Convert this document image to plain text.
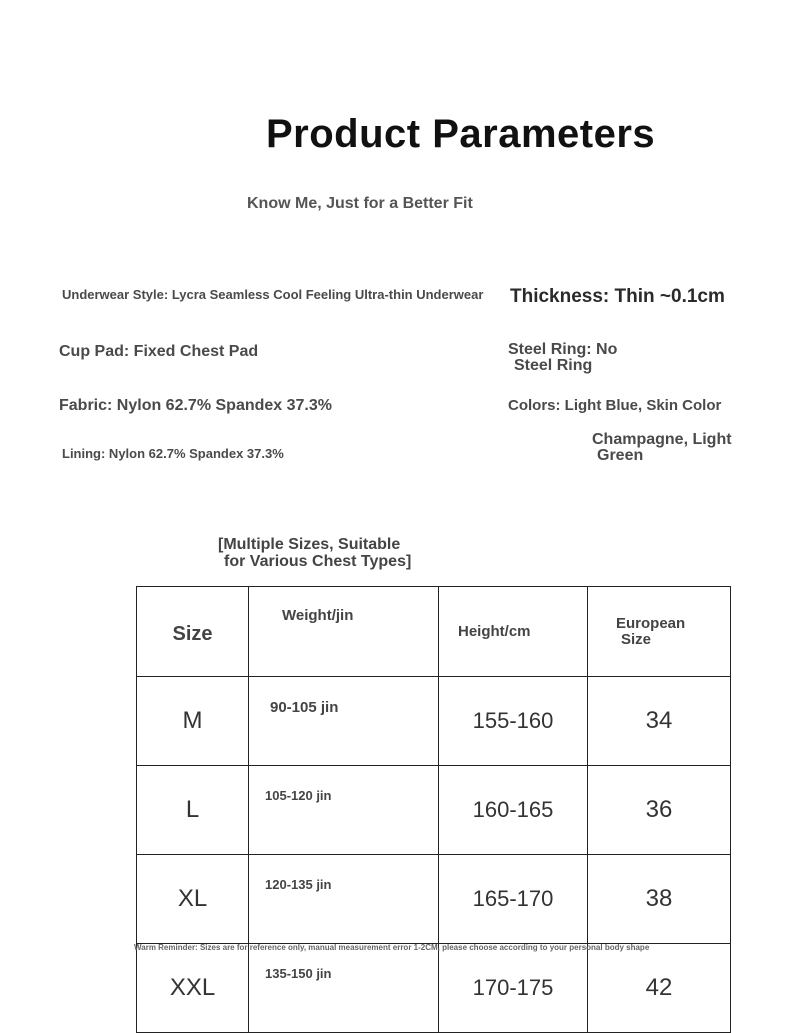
Product Parameters
Know Me, Just for a Better Fit
Underwear Style: Lycra Seamless Cool Feeling Ultra-thin Underwear Thickness: Thin ~0.1cm
Cup Pad: Fixed Chest Pad	Steel Ring: No
Steel Ring
Fabric: Nylon 62.7% Spandex 37.3%	Colors: Light Blue, Skin Color
Lining: Nylon 62.7% Spandex 37.3%
Champagne, Light
Green
[Multiple Sizes, Suitable
for Various Chest Types]
Size	Weight/jin	Height/cm	European
Size

M	90-105 jin	155-160	34
L	105-120 jin	160-165	36
XL	120-135 jin	165-170	38
XXL	135-150 jin	170-175	42
Warm Reminder: Sizes are for reference only, manual measurement error 1-2CM, please choose according to your personal body shape
